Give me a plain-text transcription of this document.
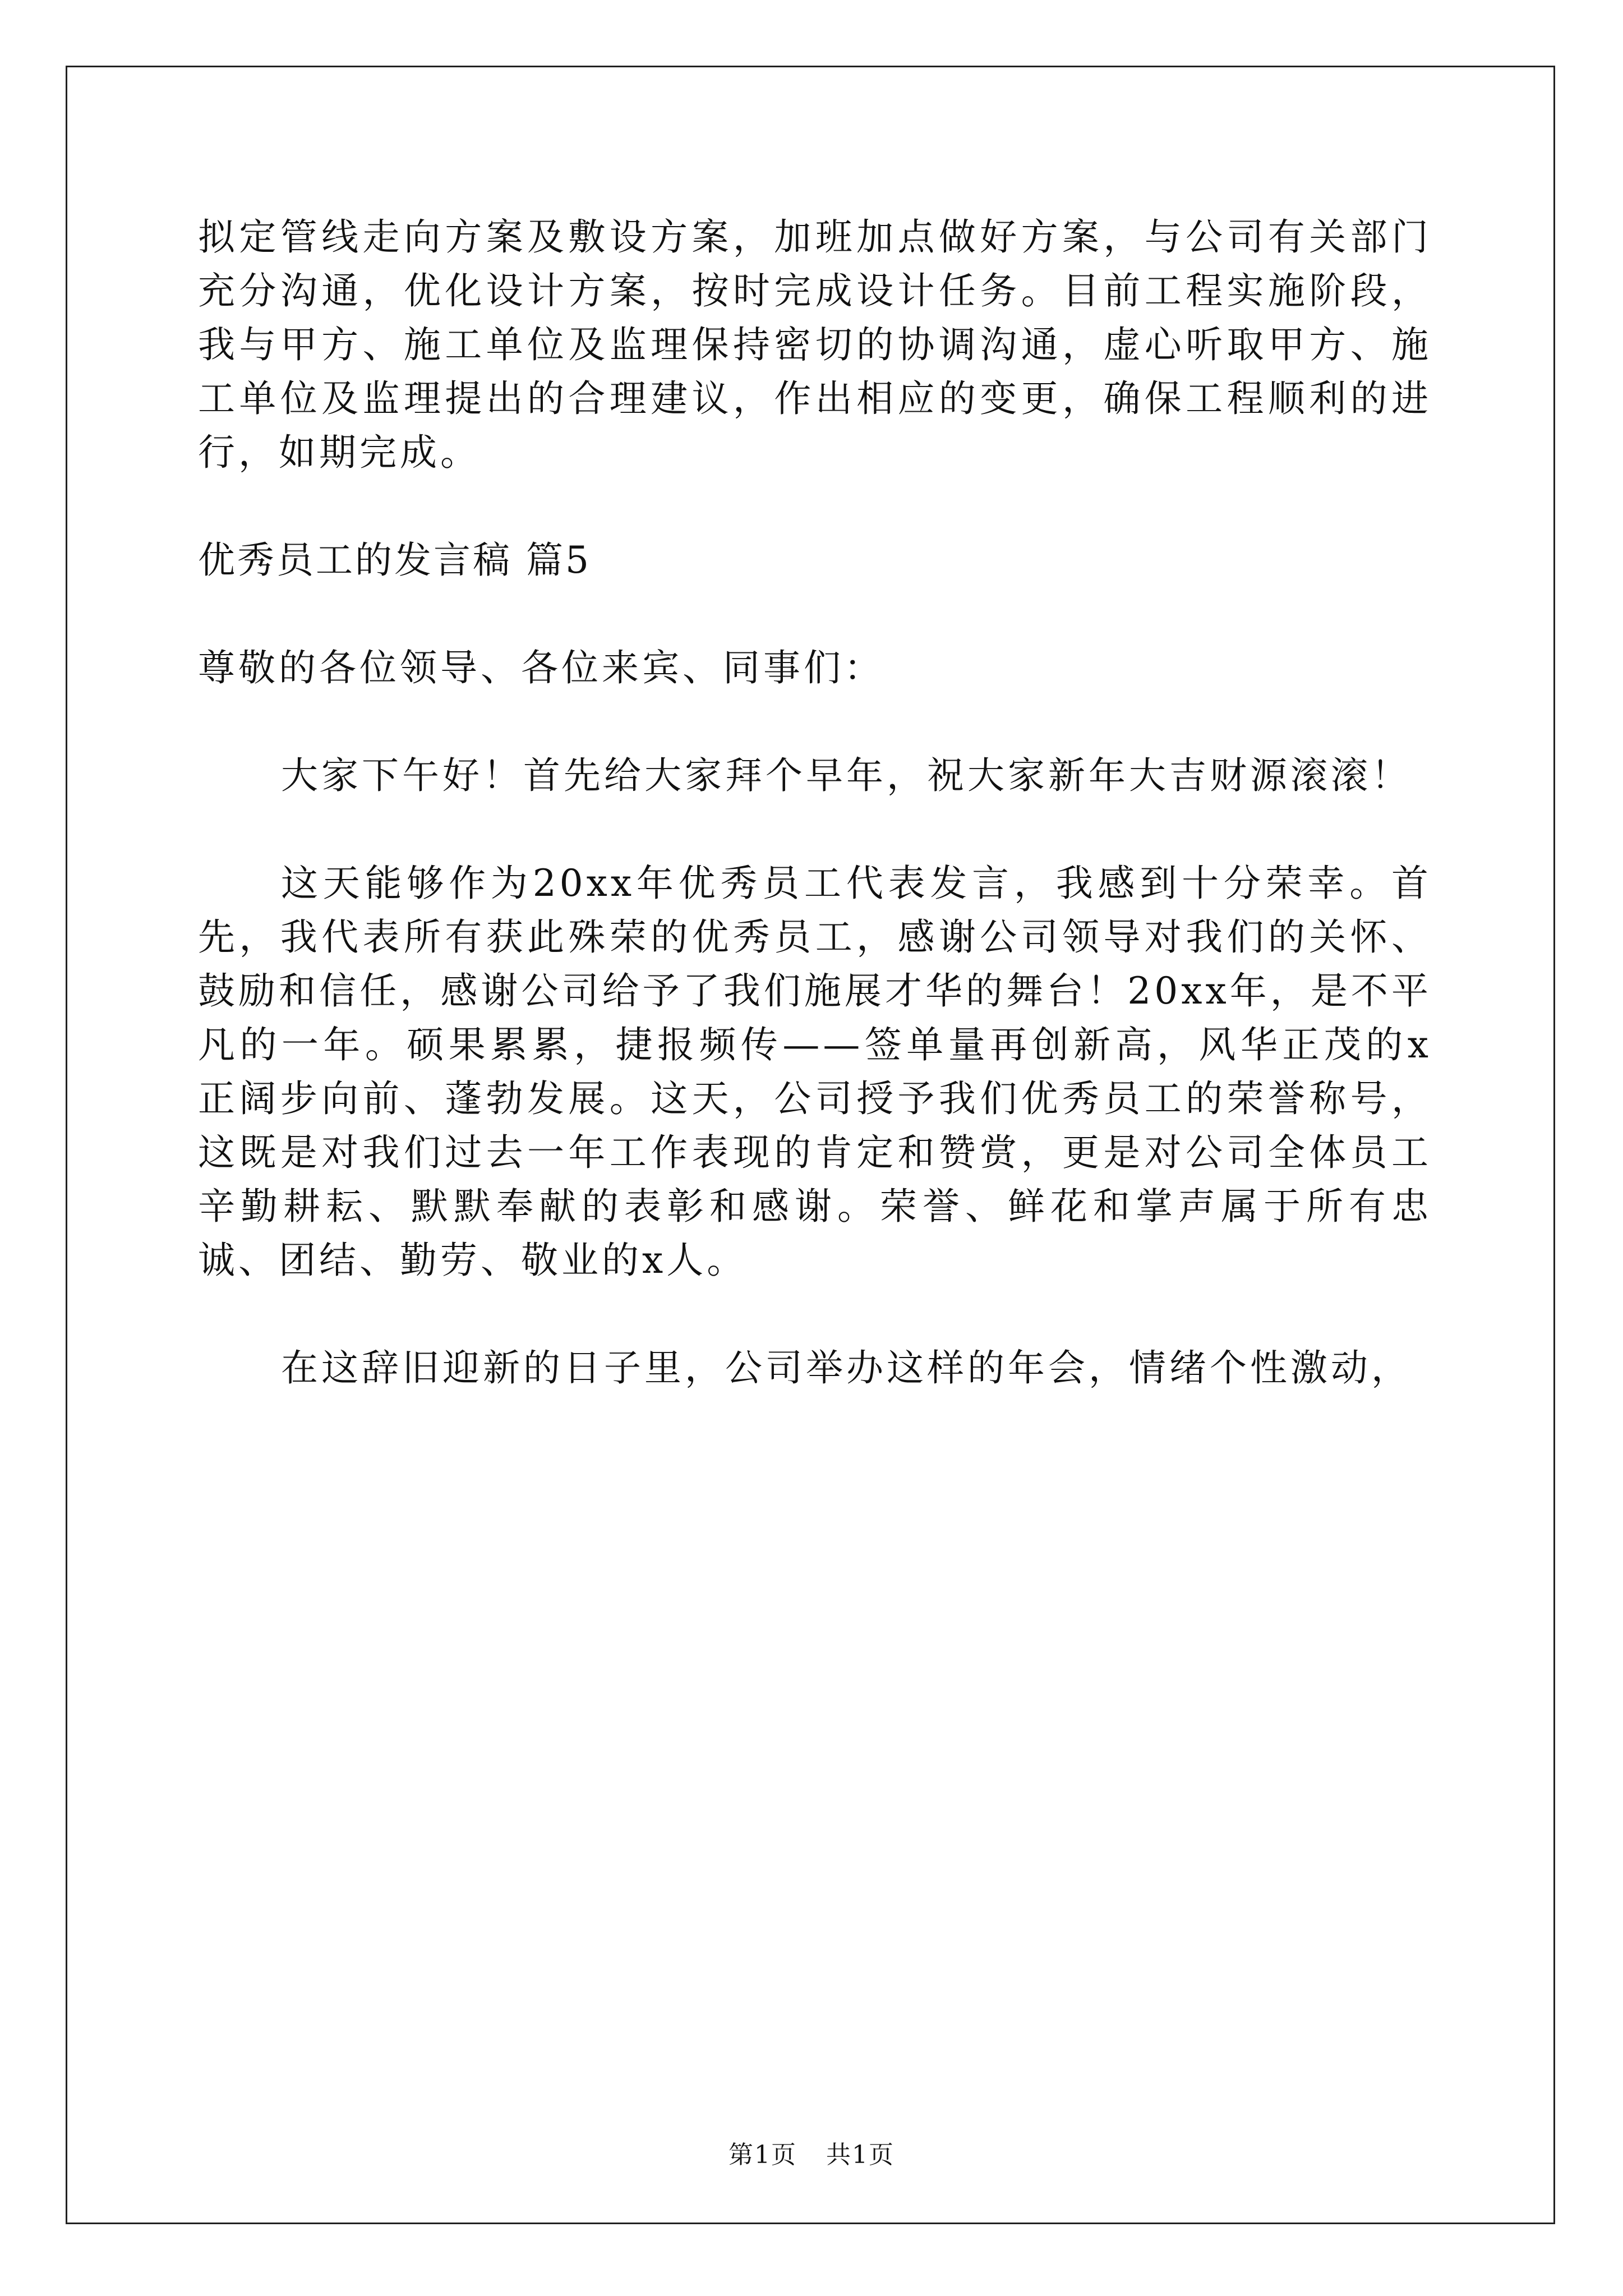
拟定管线走向方案及敷设方案，加班加点做好方案，与公司有关部门充分沟通，优化设计方案，按时完成设计任务。目前工程实施阶段，我与甲方、施工单位及监理保持密切的协调沟通，虚心听取甲方、施工单位及监理提出的合理建议，作出相应的变更，确保工程顺利的进行，如期完成。

优秀员工的发言稿 篇5

尊敬的各位领导、各位来宾、同事们：

大家下午好！首先给大家拜个早年，祝大家新年大吉财源滚滚！

这天能够作为20xx年优秀员工代表发言，我感到十分荣幸。首先，我代表所有获此殊荣的优秀员工，感谢公司领导对我们的关怀、鼓励和信任，感谢公司给予了我们施展才华的舞台！20xx年，是不平凡的一年。硕果累累，捷报频传——签单量再创新高，风华正茂的x正阔步向前、蓬勃发展。这天，公司授予我们优秀员工的荣誉称号，这既是对我们过去一年工作表现的肯定和赞赏，更是对公司全体员工辛勤耕耘、默默奉献的表彰和感谢。荣誉、鲜花和掌声属于所有忠诚、团结、勤劳、敬业的x人。

在这辞旧迎新的日子里，公司举办这样的年会，情绪个性激动，

第1页 共1页
